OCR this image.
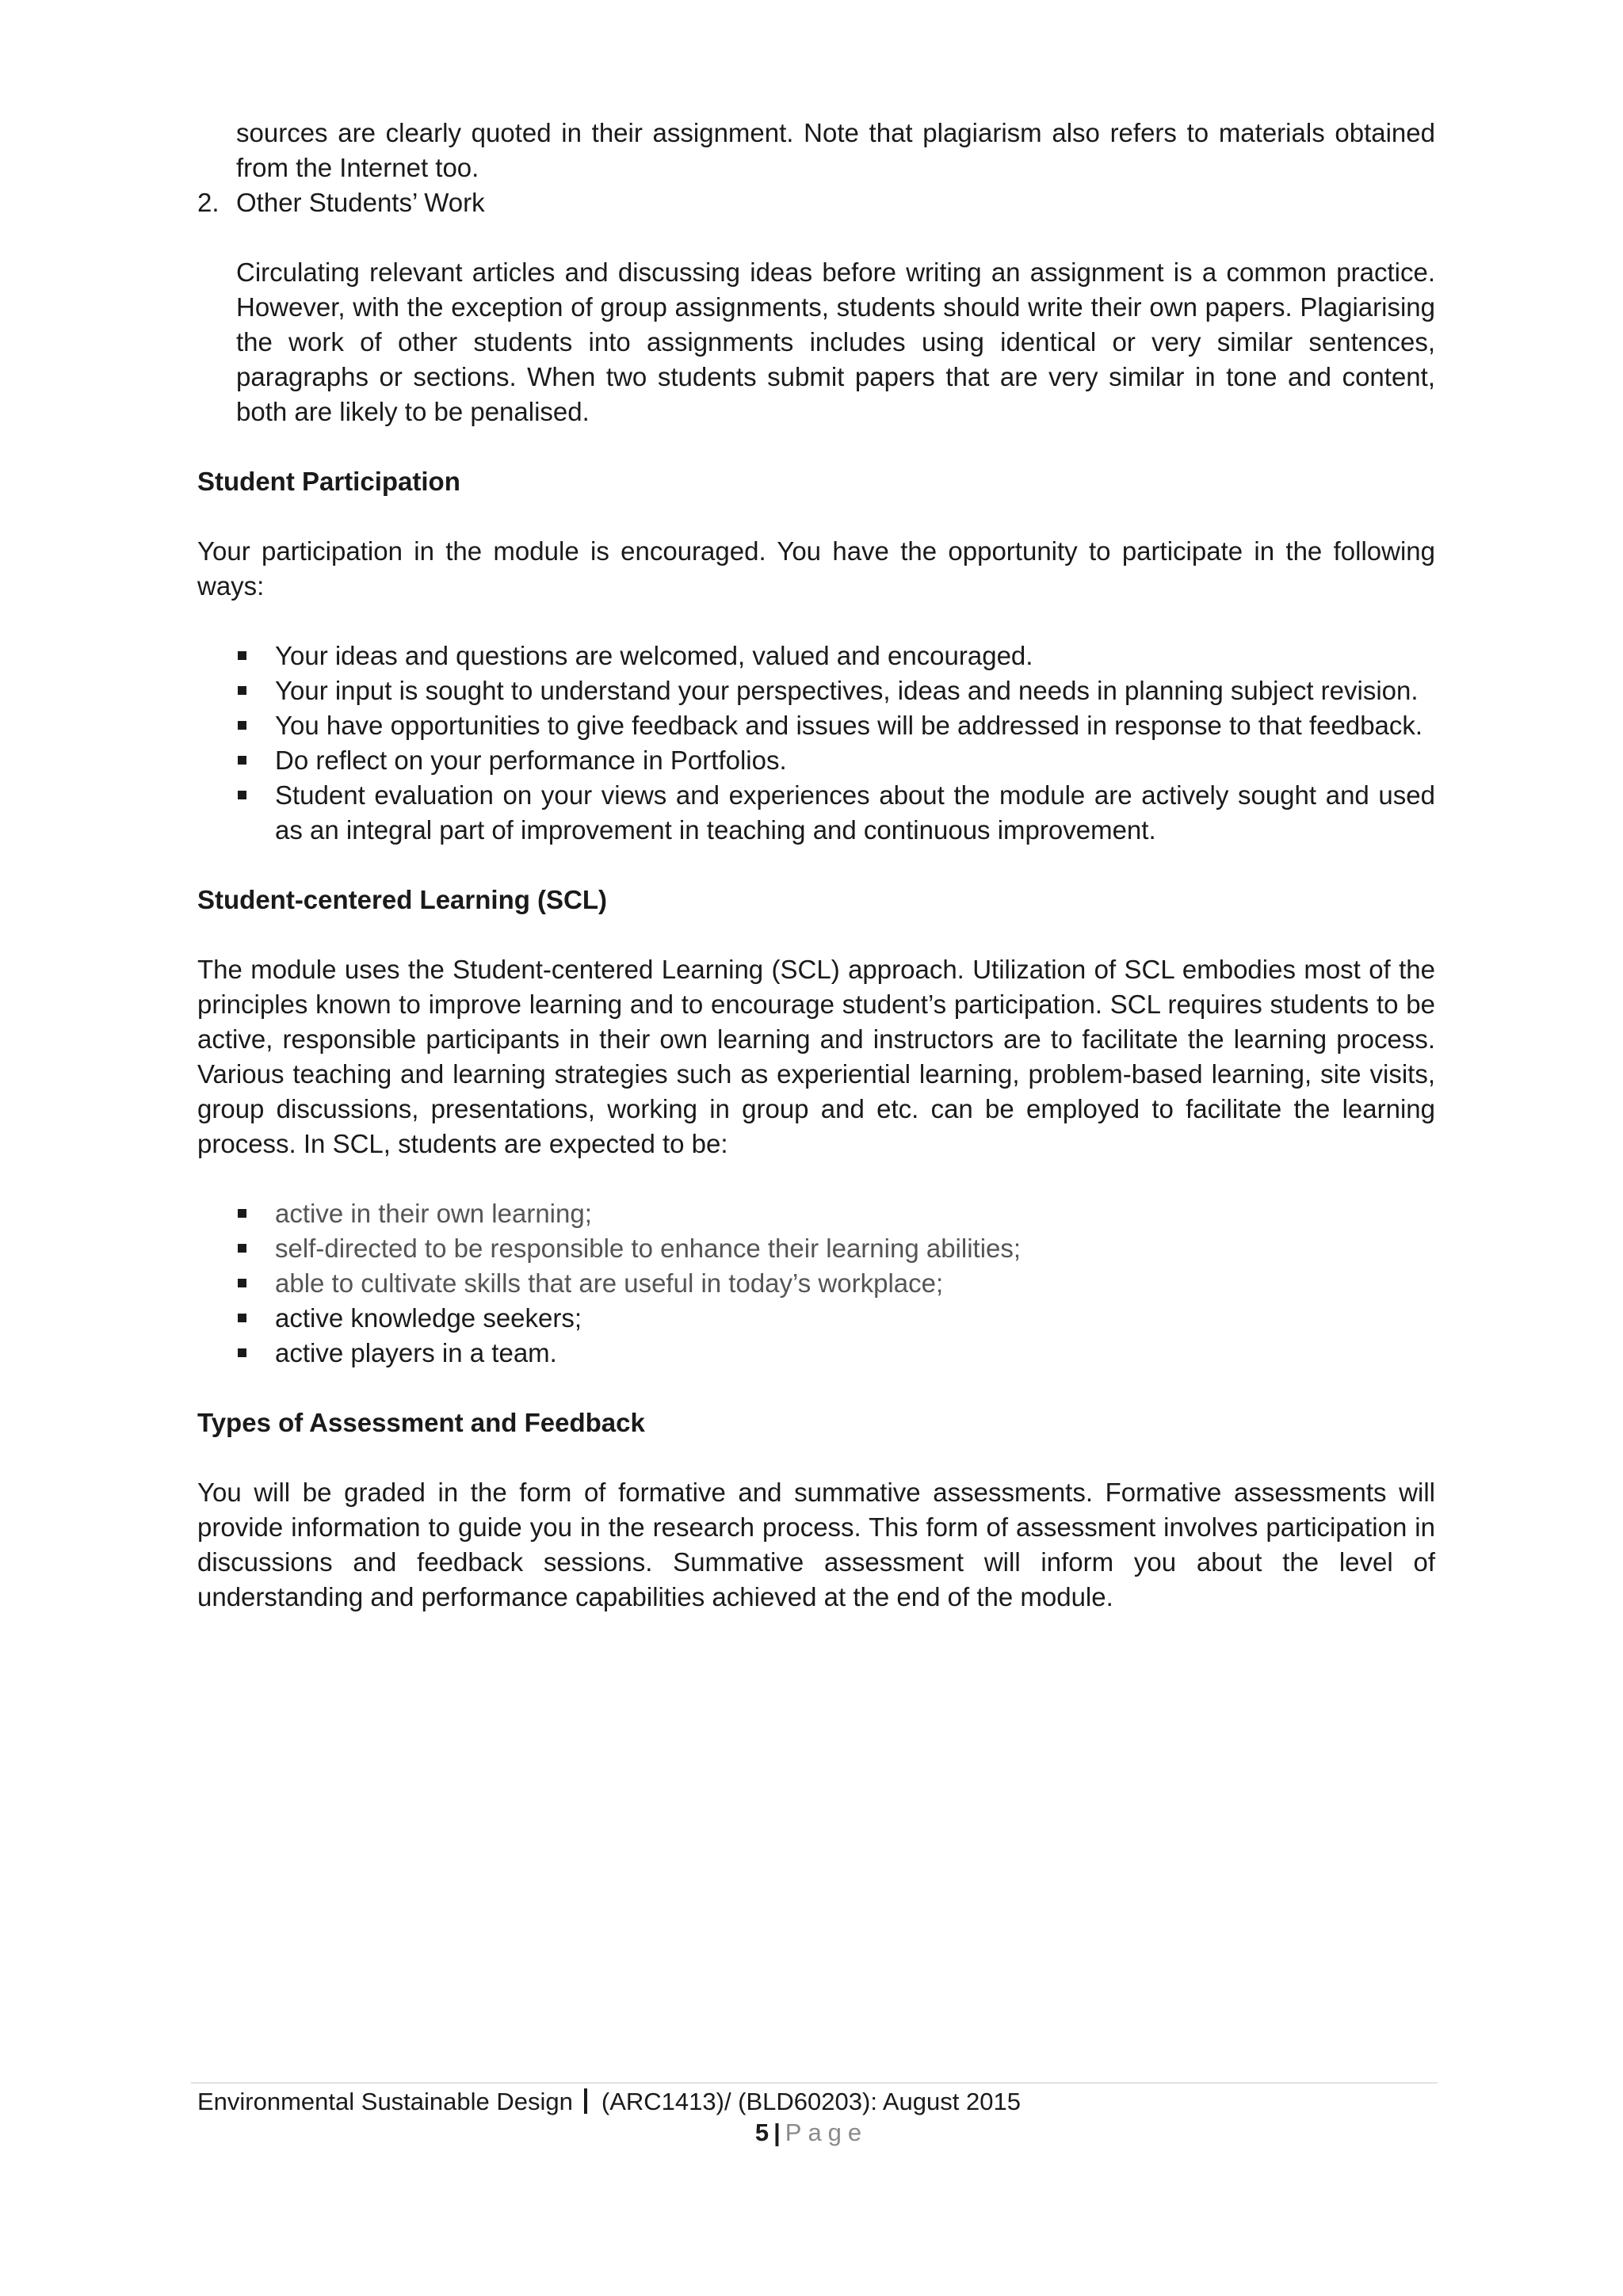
sources are clearly quoted in their assignment. Note that plagiarism also refers to materials obtained from the Internet too.

2. Other Students’ Work

Circulating relevant articles and discussing ideas before writing an assignment is a common practice. However, with the exception of group assignments, students should write their own papers. Plagiarising the work of other students into assignments includes using identical or very similar sentences, paragraphs or sections. When two students submit papers that are very similar in tone and content, both are likely to be penalised.

Student Participation

Your participation in the module is encouraged. You have the opportunity to participate in the following ways:

Your ideas and questions are welcomed, valued and encouraged.
Your input is sought to understand your perspectives, ideas and needs in planning subject revision.
You have opportunities to give feedback and issues will be addressed in response to that feedback.
Do reflect on your performance in Portfolios.
Student evaluation on your views and experiences about the module are actively sought and used as an integral part of improvement in teaching and continuous improvement.

Student-centered Learning (SCL)

The module uses the Student-centered Learning (SCL) approach. Utilization of SCL embodies most of the principles known to improve learning and to encourage student’s participation. SCL requires students to be active, responsible participants in their own learning and instructors are to facilitate the learning process. Various teaching and learning strategies such as experiential learning, problem-based learning, site visits, group discussions, presentations, working in group and etc. can be employed to facilitate the learning process. In SCL, students are expected to be:

active in their own learning;
self-directed to be responsible to enhance their learning abilities;
able to cultivate skills that are useful in today’s workplace;
active knowledge seekers;
active players in a team.

Types of Assessment and Feedback

You will be graded in the form of formative and summative assessments. Formative assessments will provide information to guide you in the research process. This form of assessment involves participation in discussions and feedback sessions. Summative assessment will inform you about the level of understanding and performance capabilities achieved at the end of the module.

Environmental Sustainable Design (ARC1413)/ (BLD60203): August 2015
5 | Page
